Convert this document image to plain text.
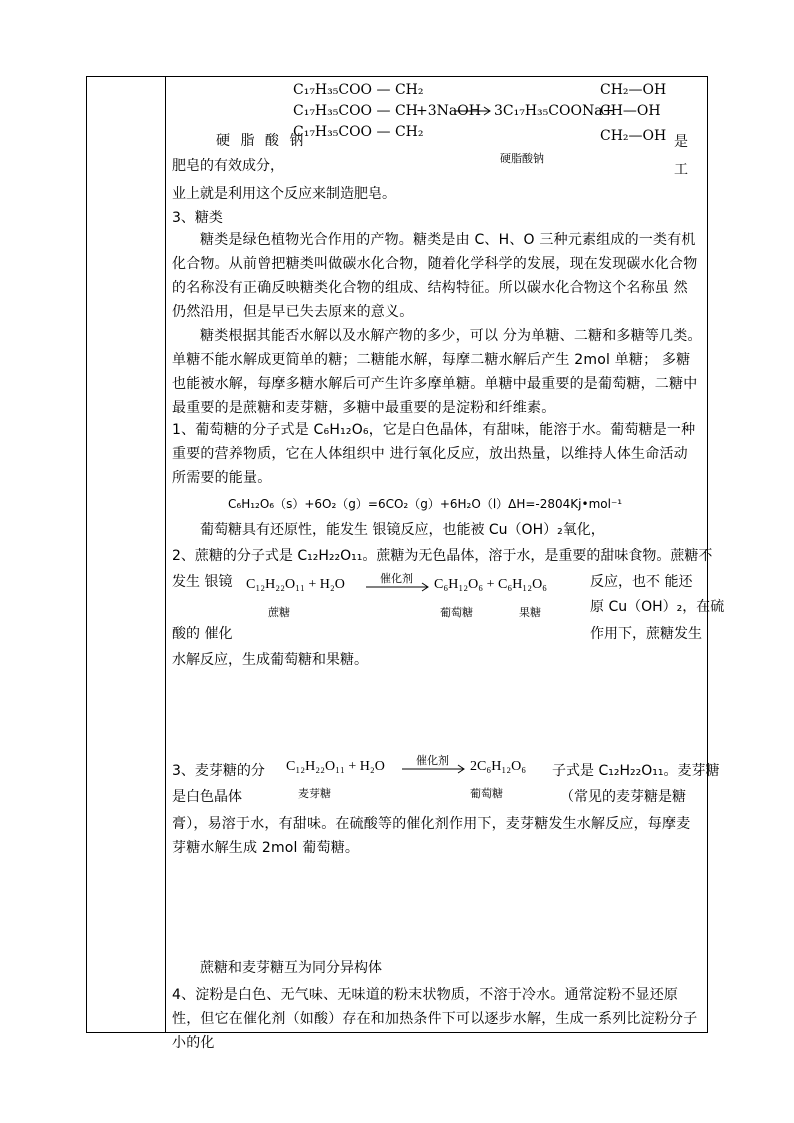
C₁₇H₃₅COO — CH₂
C₁₇H₃₅COO — CH
C₁₇H₃₅COO — CH₂
+3NaOH 3C₁₇H₃₅COONa+
CH₂—OH
CH—OH
CH₂—OH
硬脂酸钠
硬 脂 酸 钠	是
肥皂的有效成分，	工
业上就是利用这个反应来制造肥皂。
3、糖类
糖类是绿色植物光合作用的产物。糖类是由 C、H、O 三种元素组成的一类有机化合物。从前曾把糖类叫做碳水化合物，随着化学科学的发展，现在发现碳水化合物 的名称没有正确反映糖类化合物的组成、结构特征。所以碳水化合物这个名称虽 然仍然沿用，但是早已失去原来的意义。
糖类根据其能否水解以及水解产物的多少，可以 分为单糖、二糖和多糖等几类。单糖不能水解成更简单的糖；二糖能水解，每摩二糖水解后产生 2mol 单糖； 多糖也能被水解，每摩多糖水解后可产生许多摩单糖。单糖中最重要的是葡萄糖，二糖中最重要的是蔗糖和麦芽糖，多糖中最重要的是淀粉和纤维素。
1、葡萄糖的分子式是 C₆H₁₂O₆，它是白色晶体，有甜味，能溶于水。葡萄糖是一种重要的营养物质，它在人体组织中 进行氧化反应，放出热量，以维持人体生命活动所需要的能量。
C₆H₁₂O₆（s）+6O₂（g）=6CO₂（g）+6H₂O（l）ΔH=-2804Kj•mol⁻¹
葡萄糖具有还原性，能发生 银镜反应，也能被 Cu（OH）₂氧化，
2、蔗糖的分子式是 C₁₂H₂₂O₁₁。蔗糖为无色晶体，溶于水，是重要的甜味食物。蔗糖不
发生 银镜	反应，也不 能还
C₁₂H₂₂O₁₁ + H₂O	催化剂 C₆H₁₂O₆ + C₆H₁₂O₆
蔗糖	葡萄糖	果糖	原 Cu（OH）₂，在硫
酸的 催化	作用下，蔗糖发生
水解反应，生成葡萄糖和果糖。
3、麦芽糖的分 C₁₂H₂₂O₁₁ + H₂O	催化剂 2C₆H₁₂O₆
麦芽糖	葡萄糖
子式是 C₁₂H₂₂O₁₁。麦芽糖
是白色晶体	（常见的麦芽糖是糖
膏），易溶于水，有甜味。在硫酸等的催化剂作用下，麦芽糖发生水解反应，每摩麦芽糖水解生成 2mol 葡萄糖。
蔗糖和麦芽糖互为同分异构体
4、淀粉是白色、无气味、无味道的粉末状物质，不溶于冷水。通常淀粉不显还原性，但它在催化剂（如酸）存在和加热条件下可以逐步水解，生成一系列比淀粉分子小的化
